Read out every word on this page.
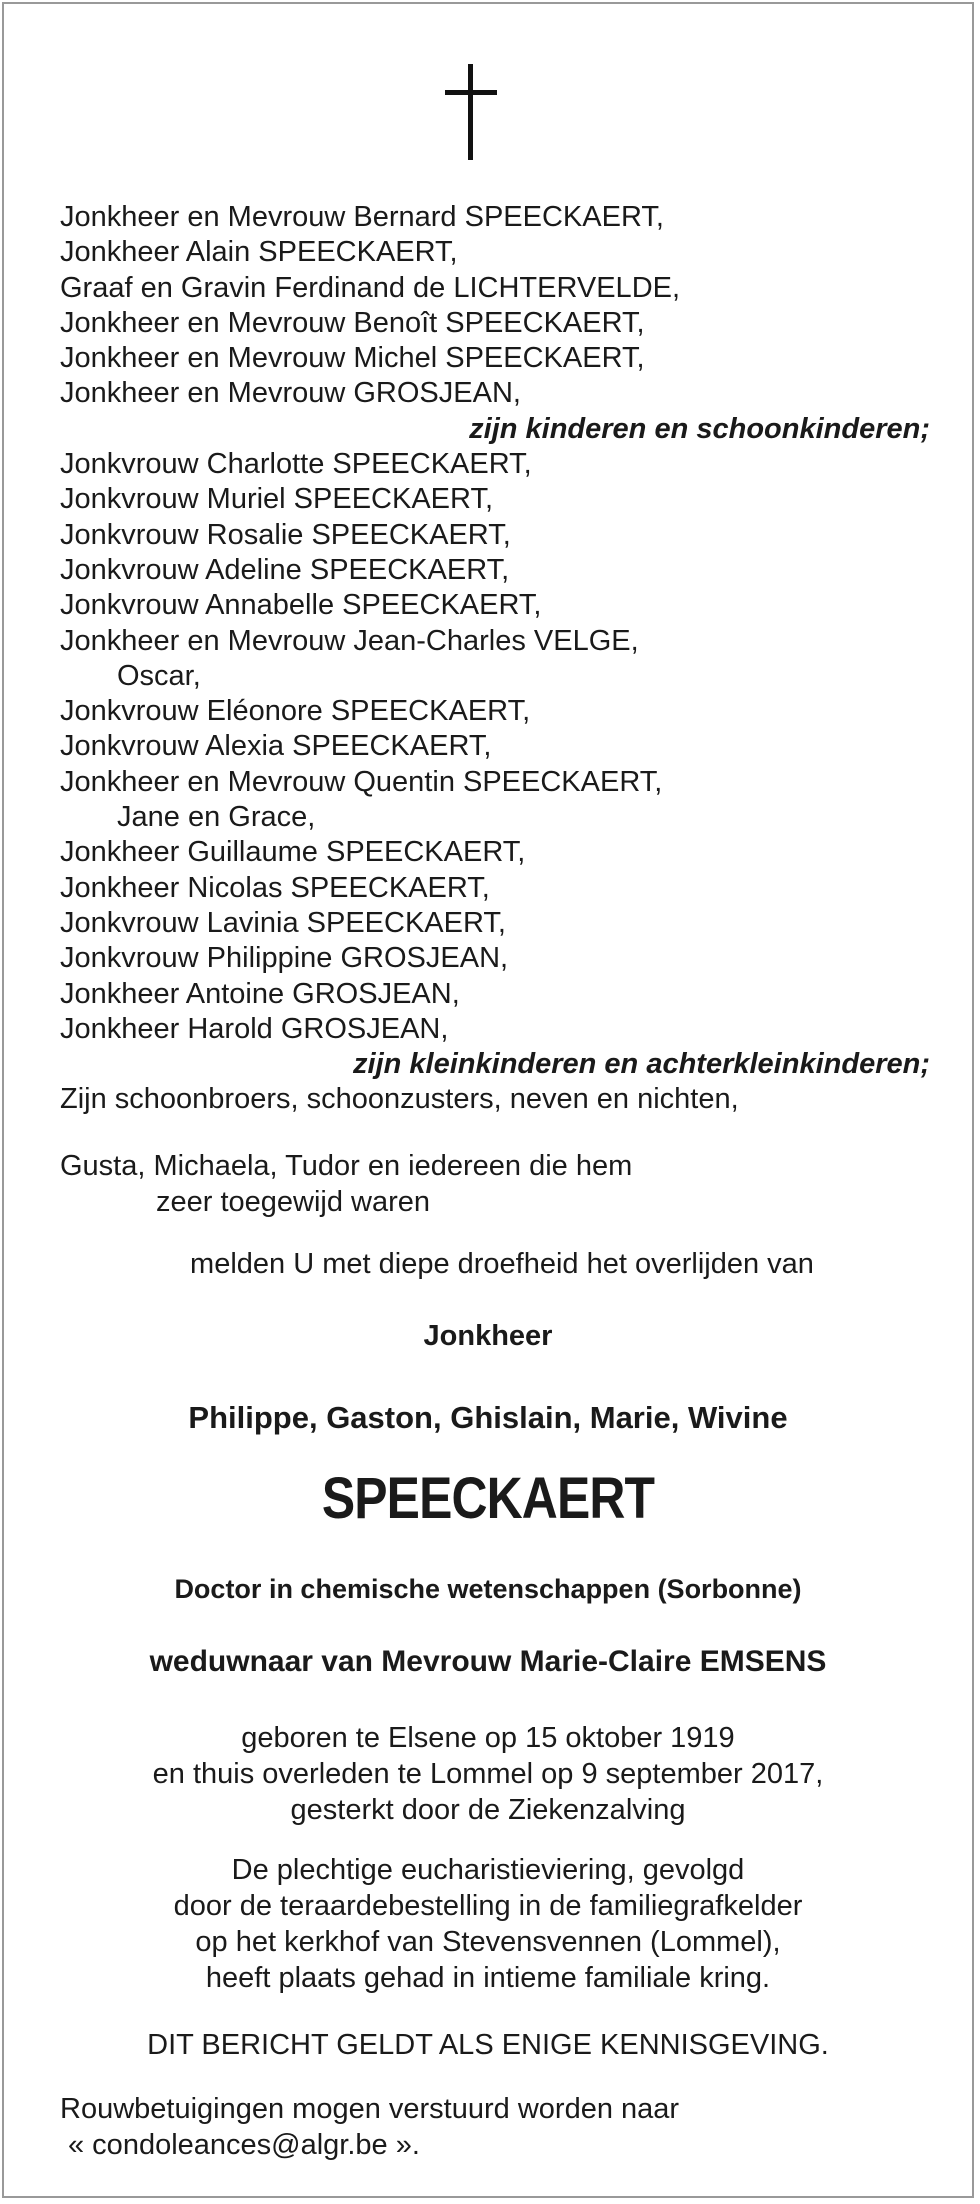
Jonkheer en Mevrouw Bernard SPEECKAERT,
Jonkheer Alain SPEECKAERT,
Graaf en Gravin Ferdinand de LICHTERVELDE,
Jonkheer en Mevrouw Benoît SPEECKAERT,
Jonkheer en Mevrouw Michel SPEECKAERT,
Jonkheer en Mevrouw GROSJEAN,
zijn kinderen en schoonkinderen;
Jonkvrouw Charlotte SPEECKAERT,
Jonkvrouw Muriel SPEECKAERT,
Jonkvrouw Rosalie SPEECKAERT,
Jonkvrouw Adeline SPEECKAERT,
Jonkvrouw Annabelle SPEECKAERT,
Jonkheer en Mevrouw Jean-Charles VELGE,
Oscar,
Jonkvrouw Eléonore SPEECKAERT,
Jonkvrouw Alexia SPEECKAERT,
Jonkheer en Mevrouw Quentin SPEECKAERT,
Jane en Grace,
Jonkheer Guillaume SPEECKAERT,
Jonkheer Nicolas SPEECKAERT,
Jonkvrouw Lavinia SPEECKAERT,
Jonkvrouw Philippine GROSJEAN,
Jonkheer Antoine GROSJEAN,
Jonkheer Harold GROSJEAN,
zijn kleinkinderen en achterkleinkinderen;
Zijn schoonbroers, schoonzusters, neven en nichten,
Gusta, Michaela, Tudor en iedereen die hem
zeer toegewijd waren
melden U met diepe droefheid het overlijden van
Jonkheer
Philippe, Gaston, Ghislain, Marie, Wivine
SPEECKAERT
Doctor in chemische wetenschappen (Sorbonne)
weduwnaar van Mevrouw Marie-Claire EMSENS
geboren te Elsene op 15 oktober 1919
en thuis overleden te Lommel op 9 september 2017,
gesterkt door de Ziekenzalving
De plechtige eucharistieviering, gevolgd
door de teraardebestelling in de familiegrafkelder
op het kerkhof van Stevensvennen (Lommel),
heeft plaats gehad in intieme familiale kring.
DIT BERICHT GELDT ALS ENIGE KENNISGEVING.
Rouwbetuigingen mogen verstuurd worden naar
« condoleances@algr.be ».
